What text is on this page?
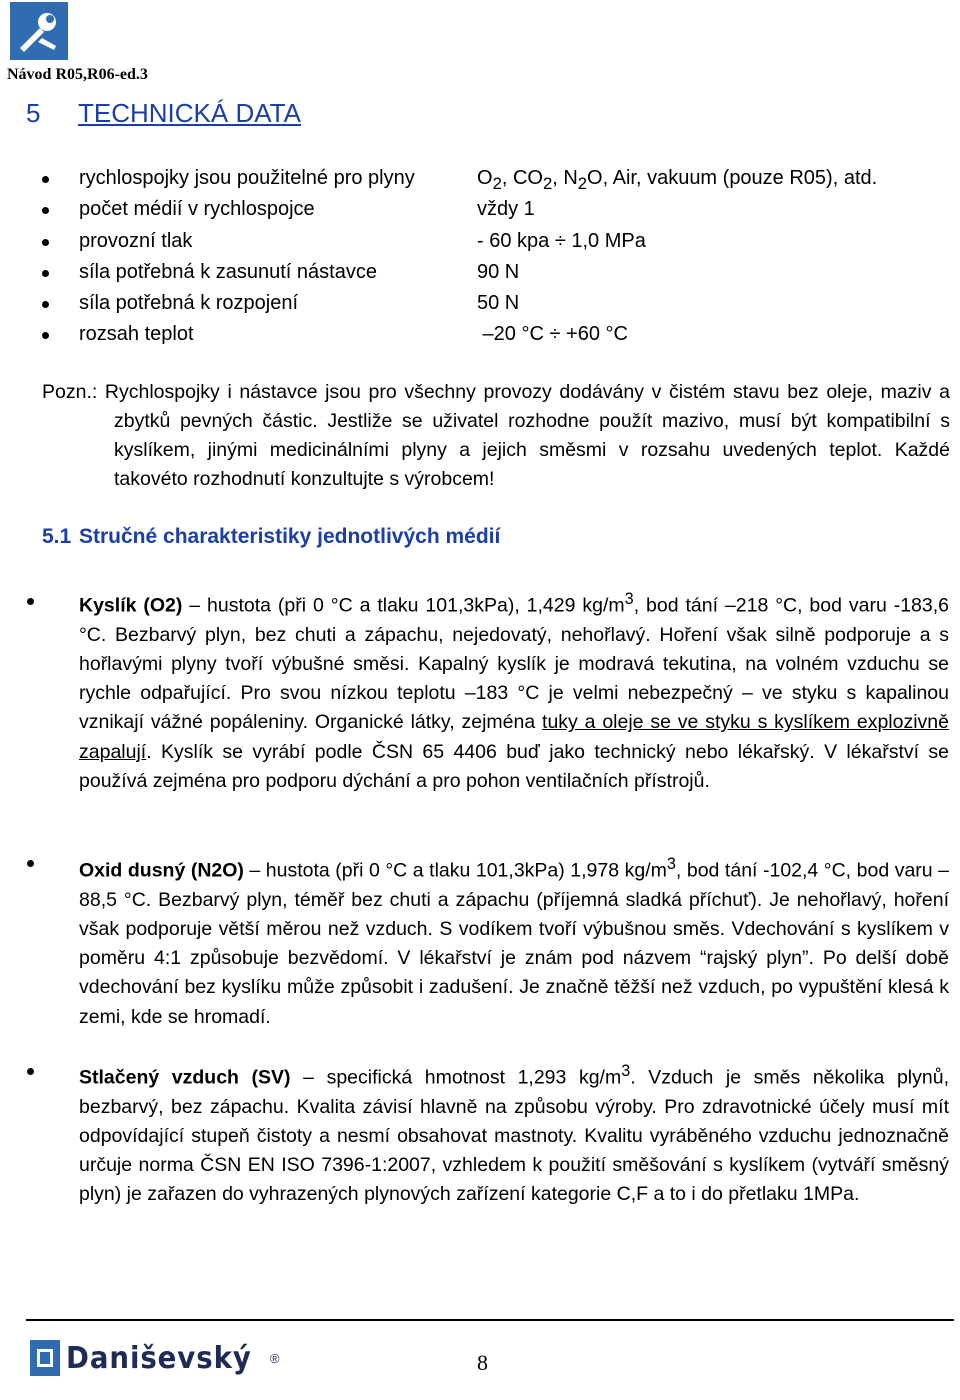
Návod R05,R06-ed.3
5 TECHNICKÁ DATA
rychlospojky jsou použitelné pro plyny	$O_2$, $CO_2$, $N_2O$, Air, vakuum (pouze R05), atd.
počet médií v rychlospojce	vždy 1
provozní tlak	- 60 kpa ÷ 1,0 MPa
síla potřebná k zasunutí nástavce	90 N
síla potřebná k rozpojení	50 N
rozsah teplot	–20 °C ÷ +60 °C
Pozn.: Rychlospojky i nástavce jsou pro všechny provozy dodávány v čistém stavu bez oleje, maziv a zbytků pevných částic. Jestliže se uživatel rozhodne použít mazivo, musí být kompatibilní s kyslíkem, jinými medicinálními plyny a jejich směsmi v rozsahu uvedených teplot. Každé takovéto rozhodnutí konzultujte s výrobcem!
5.1 Stručné charakteristiky jednotlivých médií
Kyslík (O2) – hustota (při 0 °C a tlaku 101,3kPa), 1,429 $kg/m^3$, bod tání –218 °C, bod varu -183,6 °C. Bezbarvý plyn, bez chuti a zápachu, nejedovatý, nehořlavý. Hoření však silně podporuje a s hořlavými plyny tvoří výbušné směsi. Kapalný kyslík je modravá tekutina, na volném vzduchu se rychle odpařující. Pro svou nízkou teplotu –183 °C je velmi nebezpečný – ve styku s kapalinou vznikají vážné popáleniny. Organické látky, zejména tuky a oleje se ve styku s kyslíkem explozivně zapalují. Kyslík se vyrábí podle ČSN 65 4406 buď jako technický nebo lékařský. V lékařství se používá zejména pro podporu dýchání a pro pohon ventilačních přístrojů.
Oxid dusný (N2O) – hustota (při 0 °C a tlaku 101,3kPa) 1,978 $kg/m^3$, bod tání -102,4 °C, bod varu –88,5 °C. Bezbarvý plyn, téměř bez chuti a zápachu (příjemná sladká příchuť). Je nehořlavý, hoření však podporuje větší měrou než vzduch. S vodíkem tvoří výbušnou směs. Vdechování s kyslíkem v poměru 4:1 způsobuje bezvědomí. V lékařství je znám pod názvem “rajský plyn”. Po delší době vdechování bez kyslíku může způsobit i zadušení. Je značně těžší než vzduch, po vypuštění klesá k zemi, kde se hromadí.
Stlačený vzduch (SV) – specifická hmotnost 1,293 $kg/m^3$. Vzduch je směs několika plynů, bezbarvý, bez zápachu. Kvalita závisí hlavně na způsobu výroby. Pro zdravotnické účely musí mít odpovídající stupeň čistoty a nesmí obsahovat mastnoty. Kvalitu vyráběného vzduchu jednoznačně určuje norma ČSN EN ISO 7396-1:2007, vzhledem k použití směšování s kyslíkem (vytváří směsný plyn) je zařazen do vyhrazených plynových zařízení kategorie C,F a to i do přetlaku 1MPa.
Daniševský ®	8
